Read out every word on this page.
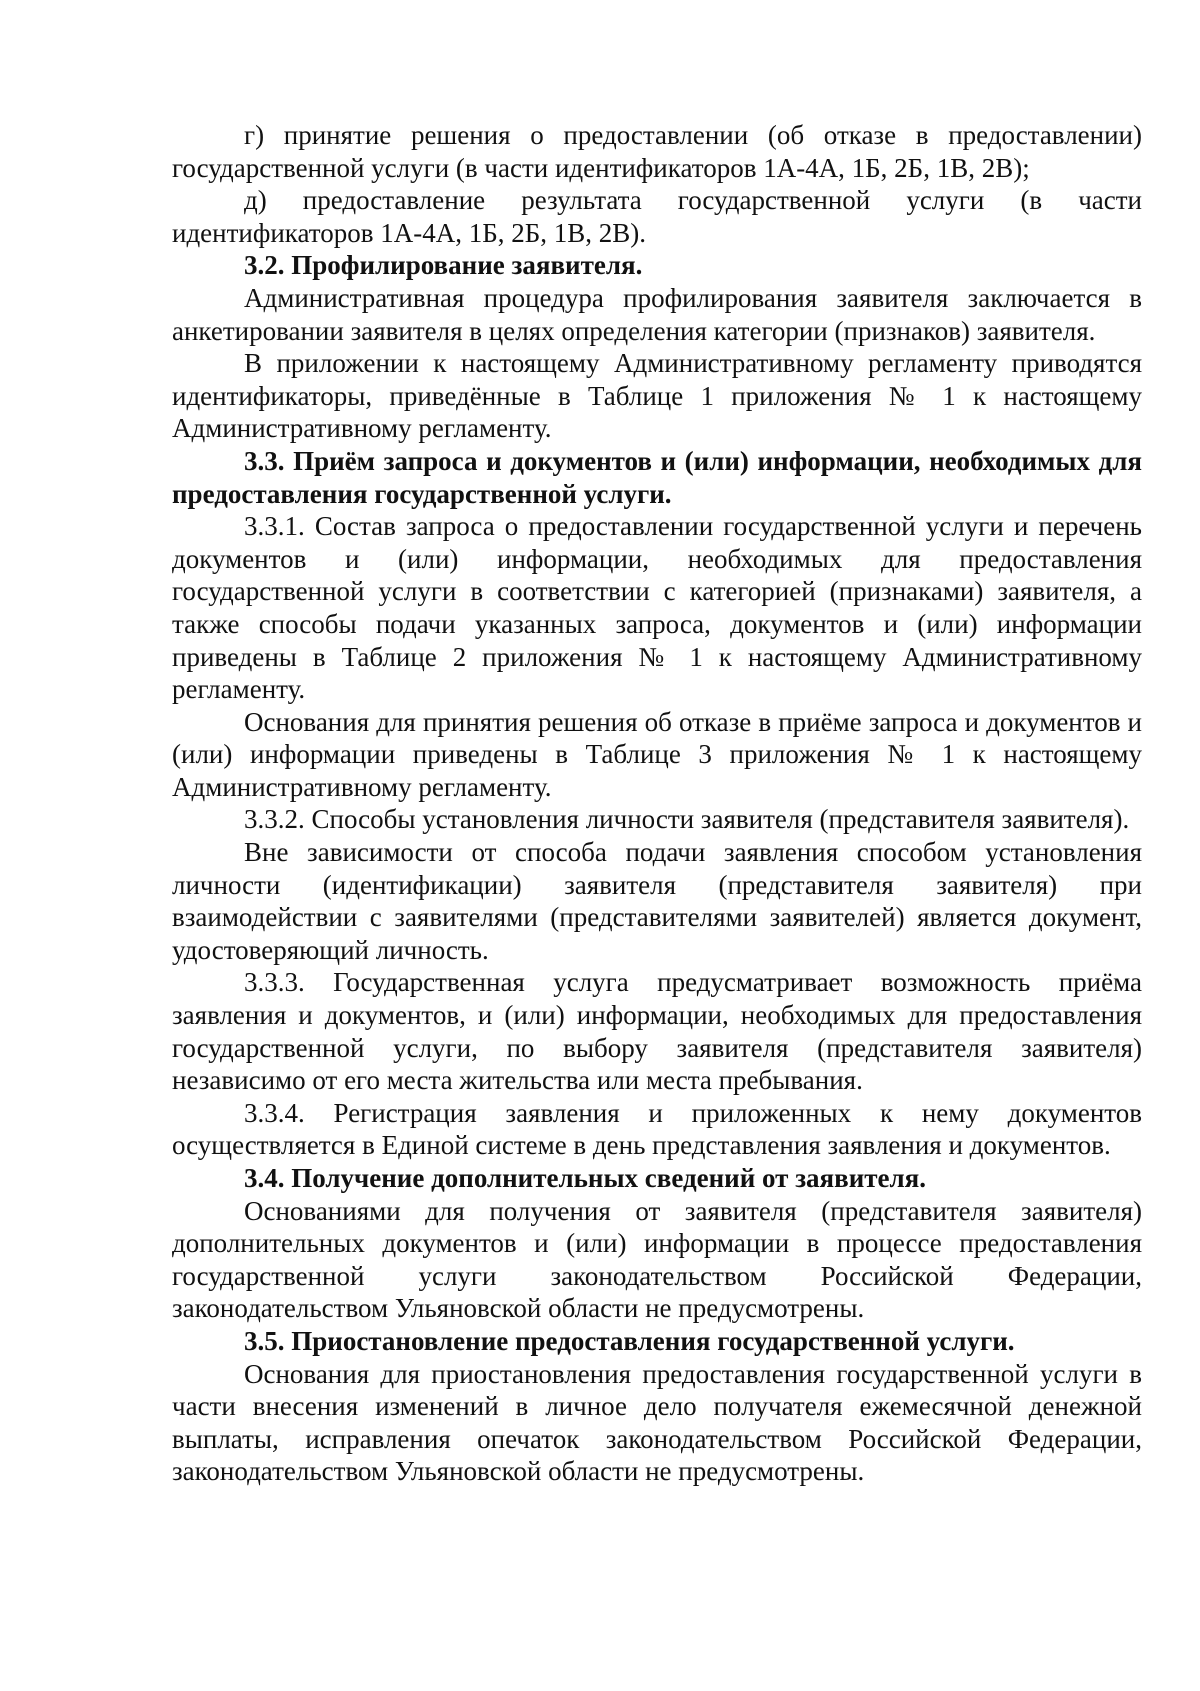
г) принятие решения о предоставлении (об отказе в предоставлении) государственной услуги (в части идентификаторов 1А-4А, 1Б, 2Б, 1В, 2В);

д) предоставление результата государственной услуги (в части идентификаторов 1А-4А, 1Б, 2Б, 1В, 2В).

3.2. Профилирование заявителя.

Административная процедура профилирования заявителя заключается в анкетировании заявителя в целях определения категории (признаков) заявителя.

В приложении к настоящему Административному регламенту приводятся идентификаторы, приведённые в Таблице 1 приложения № 1 к настоящему Административному регламенту.

3.3. Приём запроса и документов и (или) информации, необходимых для предоставления государственной услуги.

3.3.1. Состав запроса о предоставлении государственной услуги и перечень документов и (или) информации, необходимых для предоставления государственной услуги в соответствии с категорией (признаками) заявителя, а также способы подачи указанных запроса, документов и (или) информации приведены в Таблице 2 приложения № 1 к настоящему Административному регламенту.

Основания для принятия решения об отказе в приёме запроса и документов и (или) информации приведены в Таблице 3 приложения № 1 к настоящему Административному регламенту.

3.3.2. Способы установления личности заявителя (представителя заявителя).

Вне зависимости от способа подачи заявления способом установления личности (идентификации) заявителя (представителя заявителя) при взаимодействии с заявителями (представителями заявителей) является документ, удостоверяющий личность.

3.3.3. Государственная услуга предусматривает возможность приёма заявления и документов, и (или) информации, необходимых для предоставления государственной услуги, по выбору заявителя (представителя заявителя) независимо от его места жительства или места пребывания.

3.3.4. Регистрация заявления и приложенных к нему документов осуществляется в Единой системе в день представления заявления и документов.

3.4. Получение дополнительных сведений от заявителя.

Основаниями для получения от заявителя (представителя заявителя) дополнительных документов и (или) информации в процессе предоставления государственной услуги законодательством Российской Федерации, законодательством Ульяновской области не предусмотрены.

3.5. Приостановление предоставления государственной услуги.

Основания для приостановления предоставления государственной услуги в части внесения изменений в личное дело получателя ежемесячной денежной выплаты, исправления опечаток законодательством Российской Федерации, законодательством Ульяновской области не предусмотрены.
